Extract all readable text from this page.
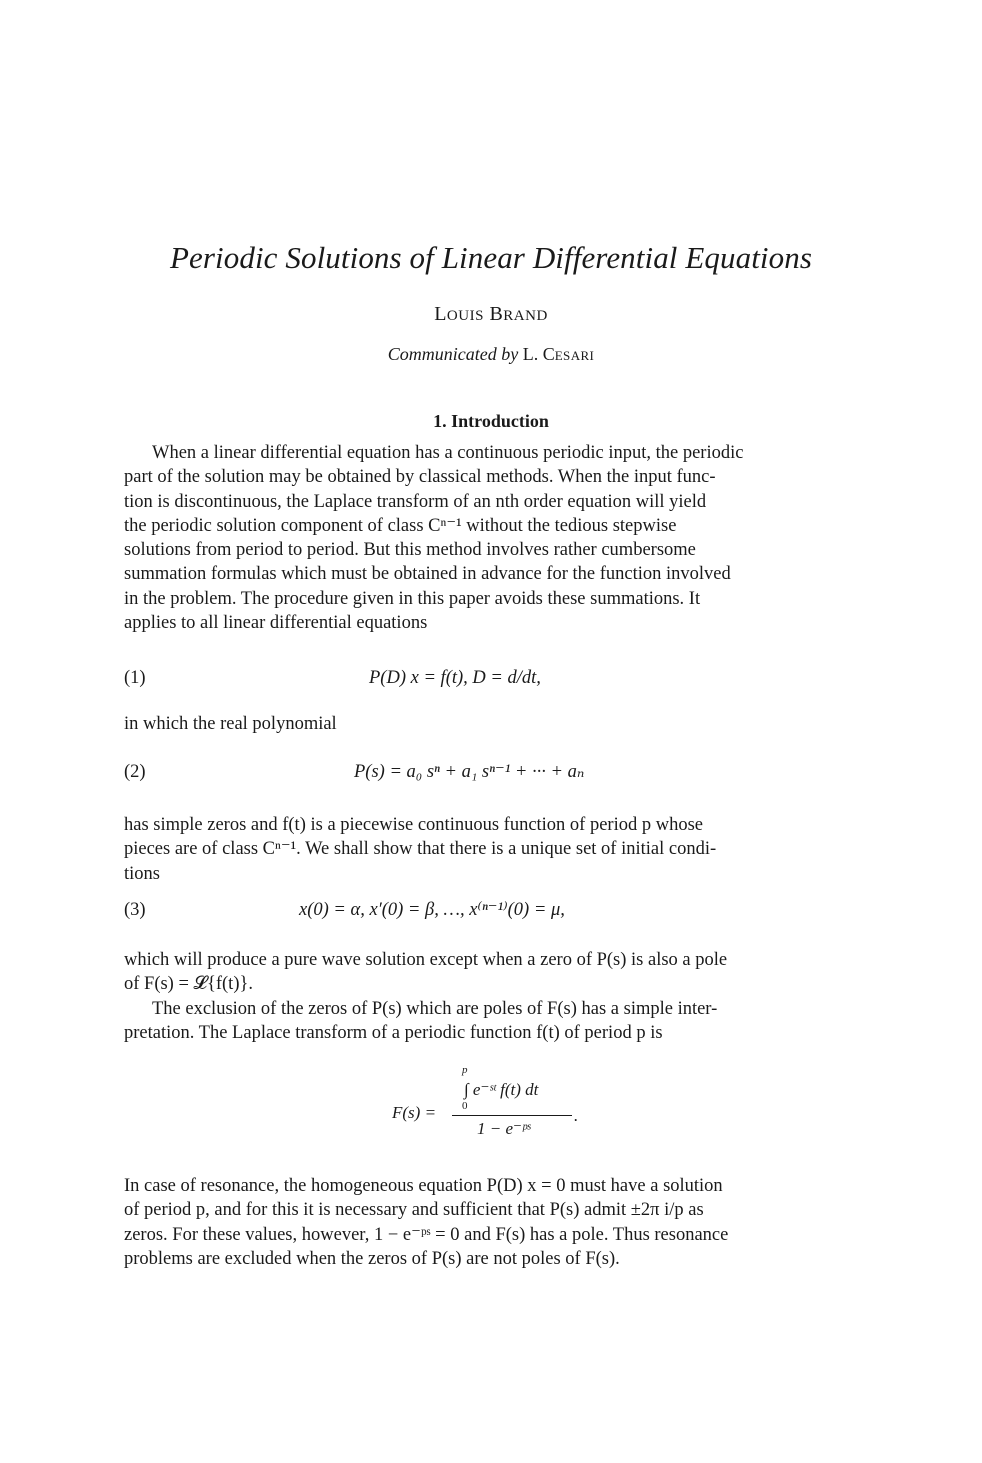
Periodic Solutions of Linear Differential Equations
LOUIS BRAND
Communicated by L. CESARI
1. Introduction
When a linear differential equation has a continuous periodic input, the periodic
part of the solution may be obtained by classical methods. When the input func-
tion is discontinuous, the Laplace transform of an nth order equation will yield
the periodic solution component of class Cⁿ⁻¹ without the tedious stepwise
solutions from period to period. But this method involves rather cumbersome
summation formulas which must be obtained in advance for the function involved
in the problem. The procedure given in this paper avoids these summations. It
applies to all linear differential equations
(1)	P(D) x = f(t), D = d/dt,
in which the real polynomial
(2)	P(s) = a₀ sⁿ + a₁ sⁿ⁻¹ + ··· + aₙ
has simple zeros and f(t) is a piecewise continuous function of period p whose
pieces are of class Cⁿ⁻¹. We shall show that there is a unique set of initial condi-
tions
(3)	x(0) = α, x′(0) = β, …, x⁽ⁿ⁻¹⁾(0) = μ,
which will produce a pure wave solution except when a zero of P(s) is also a pole
of F(s) = 𝓛{f(t)}.
The exclusion of the zeros of P(s) which are poles of F(s) has a simple inter-
pretation. The Laplace transform of a periodic function f(t) of period p is
F(s) =
p
∫ e⁻ˢᵗ f(t) dt
0
1 − e⁻ᵖˢ
.
In case of resonance, the homogeneous equation P(D) x = 0 must have a solution
of period p, and for this it is necessary and sufficient that P(s) admit ±2π i/p as
zeros. For these values, however, 1 − e⁻ᵖˢ = 0 and F(s) has a pole. Thus resonance
problems are excluded when the zeros of P(s) are not poles of F(s).
